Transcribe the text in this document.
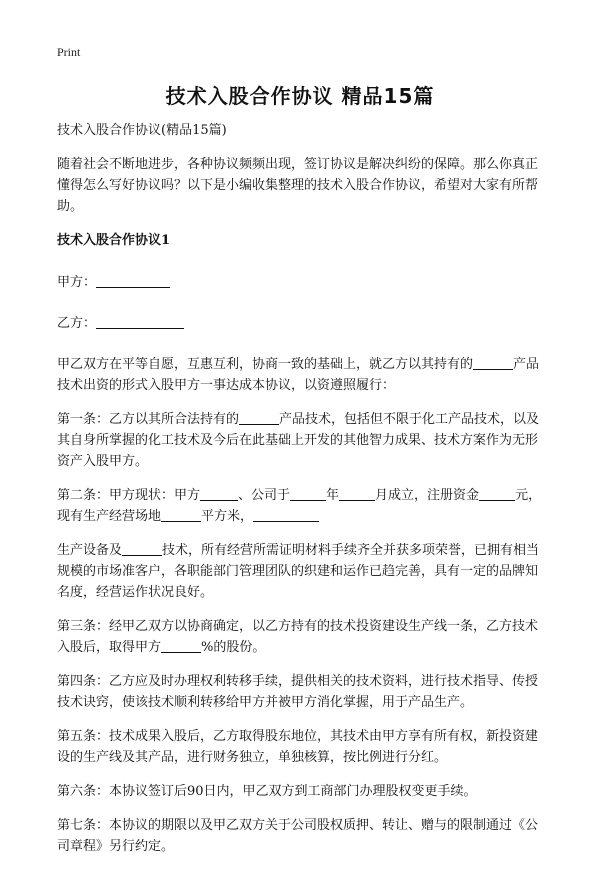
Print
技术入股合作协议 精品15篇

技术入股合作协议(精品15篇)

随着社会不断地进步，各种协议频频出现，签订协议是解决纠纷的保障。那么你真正懂得怎么写好协议吗？以下是小编收集整理的技术入股合作协议，希望对大家有所帮助。

技术入股合作协议1

甲方：

乙方：

甲乙双方在平等自愿，互惠互利，协商一致的基础上，就乙方以其持有的	产品技术出资的形式入股甲方一事达成本协议，以资遵照履行：

第一条：乙方以其所合法持有的	产品技术，包括但不限于化工产品技术，以及其自身所掌握的化工技术及今后在此基础上开发的其他智力成果、技术方案作为无形资产入股甲方。

第二条：甲方现状：甲方	、公司于	年	月成立，注册资金	元，现有生产经营场地	平方米，

生产设备及	技术，所有经营所需证明材料手续齐全并获多项荣誉，已拥有相当规模的市场准客户，各职能部门管理团队的织建和运作已趋完善，具有一定的品牌知名度，经营运作状况良好。

第三条：经甲乙双方以协商确定，以乙方持有的技术投资建设生产线一条，乙方技术入股后，取得甲方	%的股份。

第四条：乙方应及时办理权利转移手续，提供相关的技术资料，进行技术指导、传授技术诀窍，使该技术顺利转移给甲方并被甲方消化掌握，用于产品生产。

第五条：技术成果入股后，乙方取得股东地位，其技术由甲方享有所有权，新投资建设的生产线及其产品，进行财务独立，单独核算，按比例进行分红。

第六条：本协议签订后90日内，甲乙双方到工商部门办理股权变更手续。

第七条：本协议的期限以及甲乙双方关于公司股权质押、转让、赠与的限制通过《公司章程》另行约定。
